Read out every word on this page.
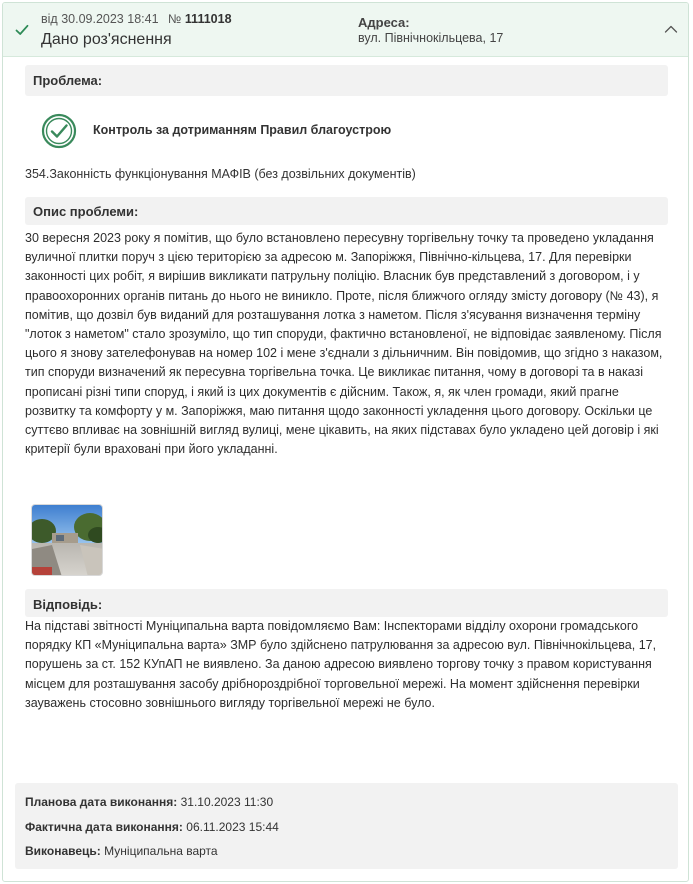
від 30.09.2023 18:41 № 1111018
Дано роз'яснення
Адреса:
вул. Північнокільцева, 17
Проблема:
Контроль за дотриманням Правил благоустрою
354.Законність функціонування МАФІВ (без дозвільних документів)
Опис проблеми:
30 вересня 2023 року я помітив, що було встановлено пересувну торгівельну точку та проведено укладання вуличної плитки поруч з цією територією за адресою м. Запоріжжя, Північно-кільцева, 17. Для перевірки законності цих робіт, я вирішив викликати патрульну поліцію. Власник був представлений з договором, і у правоохоронних органів питань до нього не виникло. Проте, після ближчого огляду змісту договору (№ 43), я помітив, що дозвіл був виданий для розташування лотка з наметом. Після з'ясування визначення терміну "лоток з наметом" стало зрозуміло, що тип споруди, фактично встановленої, не відповідає заявленому. Після цього я знову зателефонував на номер 102 і мене з'єднали з дільничним. Він повідомив, що згідно з наказом, тип споруди визначений як пересувна торгівельна точка. Це викликає питання, чому в договорі та в наказі прописані різні типи споруд, і який із цих документів є дійсним. Також, я, як член громади, який прагне розвитку та комфорту у м. Запоріжжя, маю питання щодо законності укладення цього договору. Оскільки це суттєво впливає на зовнішній вигляд вулиці, мене цікавить, на яких підставах було укладено цей договір і які критерії були враховані при його укладанні.
Відповідь:
На підставі звітності Муніципальна варта повідомляємо Вам: Інспекторами відділу охорони громадського порядку КП «Муніципальна варта» ЗМР було здійснено патрулювання за адресою вул. Північнокільцева, 17, порушень за ст. 152 КУпАП не виявлено. За даною адресою виявлено торгову точку з правом користування місцем для розташування засобу дрібнороздрібної торговельної мережі. На момент здійснення перевірки зауважень стосовно зовнішнього вигляду торгівельної мережі не було.
Планова дата виконання: 31.10.2023 11:30
Фактична дата виконання: 06.11.2023 15:44
Виконавець: Муніципальна варта
